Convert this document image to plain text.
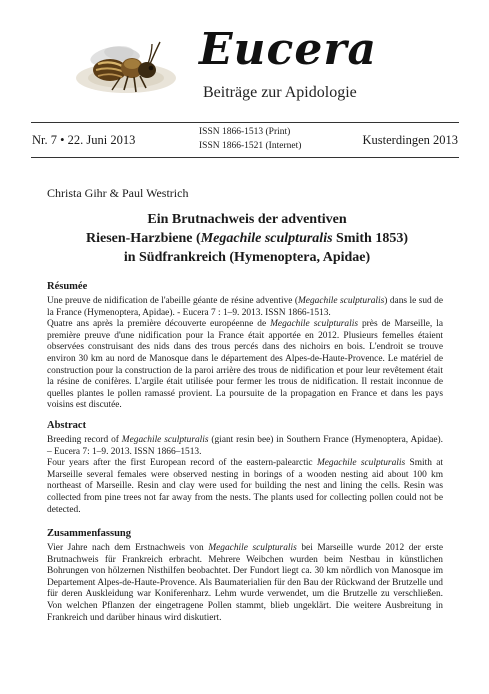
Eucera
Beiträge zur Apidologie
Nr. 7 • 22. Juni 2013
ISSN 1866-1513 (Print)
ISSN 1866-1521 (Internet)	Kusterdingen 2013
Christa Gihr & Paul Westrich
Ein Brutnachweis der adventiven
Riesen-Harzbiene (Megachile sculpturalis Smith 1853)
in Südfrankreich (Hymenoptera, Apidae)
Résumée

Une preuve de nidification de l'abeille géante de résine adventive (Megachile sculpturalis) dans le sud de la France (Hymenoptera, Apidae). - Eucera 7 : 1–9. 2013. ISSN 1866-1513.

Quatre ans après la première découverte européenne de Megachile sculpturalis près de Marseille, la première preuve d'une nidification pour la France était apportée en 2012. Plusieurs femelles étaient observées construisant des nids dans des trous percés dans des nichoirs en bois. L'endroit se trouve environ 30 km au nord de Manosque dans le département des Alpes-de-Haute-Provence. Le matériel de construction pour la construction de la paroi arrière des trous de nidification et pour leur revêtement était la résine de conifères. L'argile était utilisée pour fermer les trous de nidification. Il restait inconnue de quelles plantes le pollen ramassé provient. La poursuite de la propagation en France et dans les pays voisins est discutée.

Abstract

Breeding record of Megachile sculpturalis (giant resin bee) in Southern France (Hymenoptera, Apidae). – Eucera 7: 1–9. 2013. ISSN 1866–1513.

Four years after the first European record of the eastern-palearctic Megachile sculpturalis Smith at Marseille several females were observed nesting in borings of a wooden nesting aid about 100 km northeast of Marseille. Resin and clay were used for building the nest and lining the cells. Resin was collected from pine trees not far away from the nests. The plants used for collecting pollen could not be detected.

Zusammenfassung

Vier Jahre nach dem Erstnachweis von Megachile sculpturalis bei Marseille wurde 2012 der erste Brutnachweis für Frankreich erbracht. Mehrere Weibchen wurden beim Nestbau in künstlichen Bohrungen von hölzernen Nisthilfen beobachtet. Der Fundort liegt ca. 30 km nördlich von Manosque im Departement Alpes-de-Haute-Provence. Als Baumaterialien für den Bau der Rückwand der Brutzelle und für deren Auskleidung war Koniferenharz. Lehm wurde verwendet, um die Brutzelle zu verschließen. Von welchen Pflanzen der eingetragene Pollen stammt, blieb ungeklärt. Die weitere Ausbreitung in Frankreich und darüber hinaus wird diskutiert.
